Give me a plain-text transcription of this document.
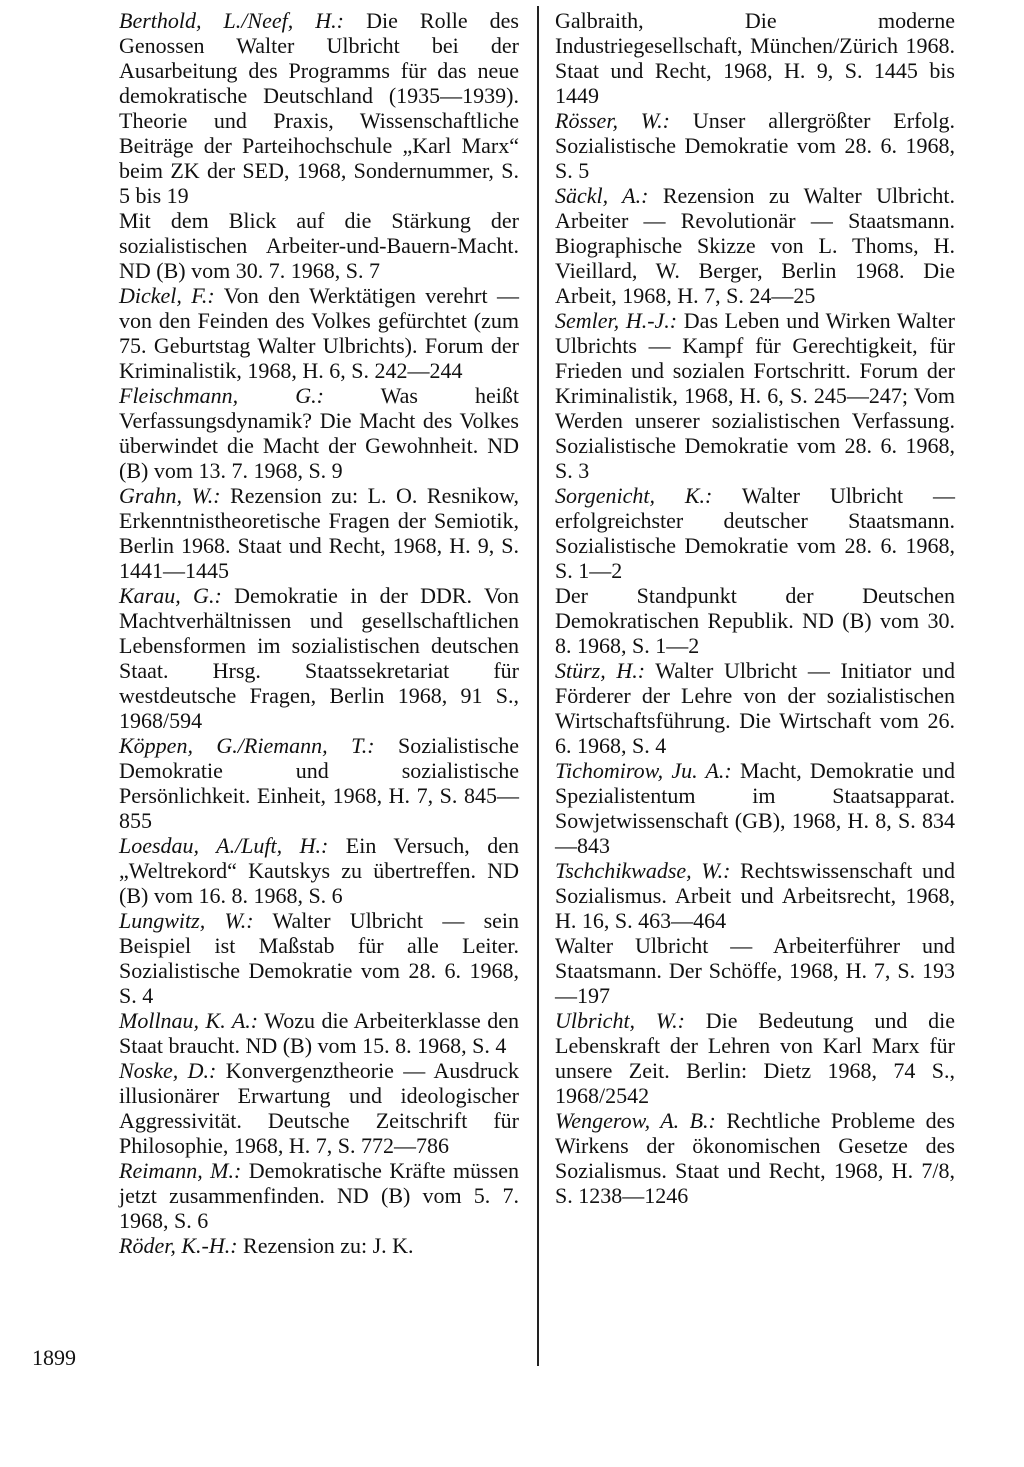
Berthold, L./Neef, H.: Die Rolle des Genossen Walter Ulbricht bei der Ausarbeitung des Programms für das neue demokratische Deutschland (1935—1939). Theorie und Praxis, Wissenschaftliche Beiträge der Parteihochschule „Karl Marx“ beim ZK der SED, 1968, Sondernummer, S. 5 bis 19
Mit dem Blick auf die Stärkung der sozialistischen Arbeiter-und-Bauern-Macht. ND (B) vom 30. 7. 1968, S. 7
Dickel, F.: Von den Werktätigen verehrt — von den Feinden des Volkes gefürchtet (zum 75. Geburtstag Walter Ulbrichts). Forum der Kriminalistik, 1968, H. 6, S. 242—244
Fleischmann, G.:	Was heißt Verfassungsdynamik? Die Macht des Volkes überwindet die Macht der Gewohnheit. ND (B) vom 13. 7. 1968, S. 9
Grahn, W.: Rezension zu: L. O. Resnikow, Erkenntnistheoretische Fragen der Semiotik, Berlin 1968. Staat und Recht, 1968, H. 9, S. 1441—1445
Karau, G.: Demokratie in der DDR. Von Machtverhältnissen und gesellschaftlichen Lebensformen im sozialistischen deutschen Staat. Hrsg. Staatssekretariat für westdeutsche Fragen, Berlin 1968, 91 S., 1968/594
Köppen, G./Riemann, T.: Sozialistische Demokratie und sozialistische Persönlichkeit. Einheit, 1968, H. 7, S. 845—855
Loesdau, A./Luft, H.: Ein Versuch, den „Weltrekord“ Kautskys zu übertreffen. ND (B) vom 16. 8. 1968, S. 6
Lungwitz, W.: Walter Ulbricht — sein Beispiel ist Maßstab für alle Leiter. Sozialistische Demokratie vom 28. 6. 1968, S. 4
Mollnau, K. A.: Wozu die Arbeiterklasse den Staat braucht. ND (B) vom 15. 8. 1968, S. 4
Noske, D.: Konvergenztheorie — Ausdruck illusionärer Erwartung und ideologischer Aggressivität. Deutsche Zeitschrift für Philosophie, 1968, H. 7, S. 772—786
Reimann, M.: Demokratische Kräfte müssen jetzt zusammenfinden. ND (B) vom 5. 7. 1968, S. 6
Röder, K.-H.: Rezension zu: J. K.
Galbraith, Die moderne Industriegesellschaft, München/Zürich 1968. Staat und Recht, 1968, H. 9, S. 1445 bis 1449
Rösser, W.: Unser allergrößter Erfolg. Sozialistische Demokratie vom 28. 6. 1968, S. 5
Säckl, A.: Rezension zu Walter Ulbricht. Arbeiter — Revolutionär — Staatsmann. Biographische Skizze von L. Thoms, H. Vieillard, W. Berger, Berlin 1968. Die Arbeit, 1968, H. 7, S. 24—25
Semler, H.-J.: Das Leben und Wirken Walter Ulbrichts — Kampf für Gerechtigkeit, für Frieden und sozialen Fortschritt. Forum der Kriminalistik, 1968, H. 6, S. 245—247; Vom Werden unserer sozialistischen Verfassung. Sozialistische Demokratie vom 28. 6. 1968, S. 3
Sorgenicht, K.: Walter Ulbricht — erfolgreichster deutscher Staatsmann. Sozialistische Demokratie vom 28. 6. 1968, S. 1—2
Der Standpunkt der Deutschen Demokratischen Republik. ND (B) vom 30. 8. 1968, S. 1—2
Stürz, H.: Walter Ulbricht — Initiator und Förderer der Lehre von der sozialistischen Wirtschaftsführung. Die Wirtschaft vom 26. 6. 1968, S. 4
Tichomirow, Ju. A.: Macht, Demokratie und Spezialistentum im Staatsapparat. Sowjetwissenschaft (GB), 1968, H. 8, S. 834—843
Tschchikwadse, W.: Rechtswissenschaft und Sozialismus. Arbeit und Arbeitsrecht, 1968, H. 16, S. 463—464
Walter Ulbricht — Arbeiterführer und Staatsmann. Der Schöffe, 1968, H. 7, S. 193—197
Ulbricht, W.: Die Bedeutung und die Lebenskraft der Lehren von Karl Marx für unsere Zeit. Berlin: Dietz 1968, 74 S., 1968/2542
Wengerow, A. B.: Rechtliche Probleme des Wirkens der ökonomischen Gesetze des Sozialismus. Staat und Recht, 1968, H. 7/8, S. 1238—1246
1899
